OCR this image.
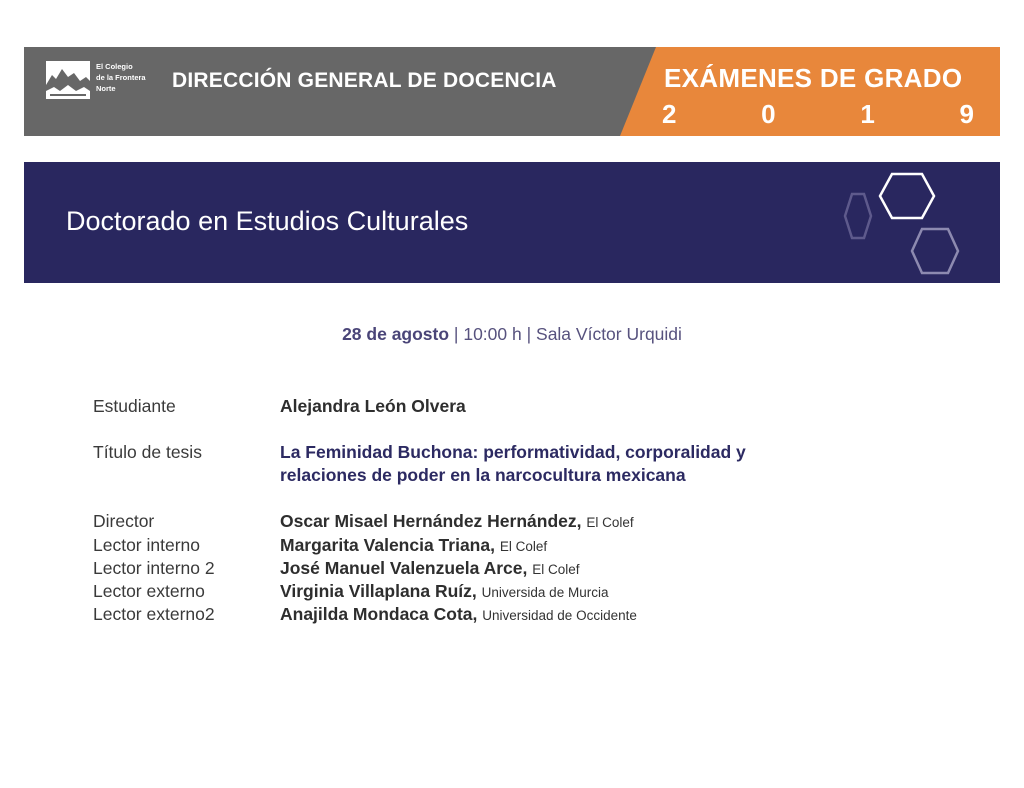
El Colegio
de la Frontera
Norte	DIRECCIÓN GENERAL DE DOCENCIA	EXÁMENES DE GRADO
2	0	1	9
Doctorado en Estudios Culturales
28 de agosto | 10:00 h | Sala Víctor Urquidi
Estudiante	Alejandra León Olvera
Título de tesis	La Feminidad Buchona: performatividad, corporalidad y
relaciones de poder en la narcocultura mexicana
Director	Oscar Misael Hernández Hernández, El Colef
Lector interno	Margarita Valencia Triana, El Colef
Lector interno 2	José Manuel Valenzuela Arce, El Colef
Lector externo	Virginia Villaplana Ruíz, Universida de Murcia
Lector externo2	Anajilda Mondaca Cota, Universidad de Occidente
